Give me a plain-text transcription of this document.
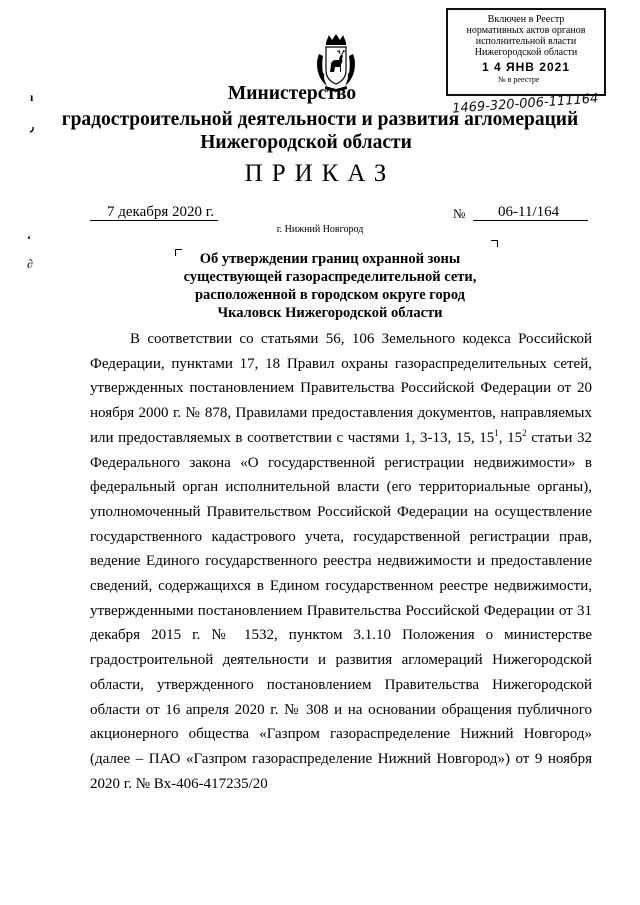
ı
٫
ʻ
∂
Включен в Реестр
нормативных актов органов
исполнительной власти
Нижегородской области
1 4 ЯНВ 2021
№ в реестре
1469-320-006-111164
Министерство
градостроительной деятельности и развития агломераций
Нижегородской области
ПРИКАЗ
7 декабря 2020 г.	№ 06-11/164
г. Нижний Новгород
Об утверждении границ охранной зоны
существующей газораспределительной сети,
расположенной в городском округе город
Чкаловск Нижегородской области

В соответствии со статьями 56, 106 Земельного кодекса Российской Федерации, пунктами 17, 18 Правил охраны газораспределительных сетей, утвержденных постановлением Правительства Российской Федерации от 20 ноября 2000 г. № 878, Правилами предоставления документов, направляемых или предоставляемых в соответствии с частями 1, 3-13, 15, $15^1$, $15^2$ статьи 32 Федерального закона «О государственной регистрации недвижимости» в федеральный орган исполнительной власти (его территориальные органы), уполномоченный Правительством Российской Федерации на осуществление государственного кадастрового учета, государственной регистрации прав, ведение Единого государственного реестра недвижимости и предоставление сведений, содержащихся в Едином государственном реестре недвижимости, утвержденными постановлением Правительства Российской Федерации от 31 декабря 2015 г. № 1532, пунктом 3.1.10 Положения о министерстве градостроительной деятельности и развития агломераций Нижегородской области, утвержденного постановлением Правительства Нижегородской области от 16 апреля 2020 г. № 308 и на основании обращения публичного акционерного общества «Газпром газораспределение Нижний Новгород» (далее – ПАО «Газпром газораспределение Нижний Новгород») от 9 ноября 2020 г. № Вх-406-417235/20
